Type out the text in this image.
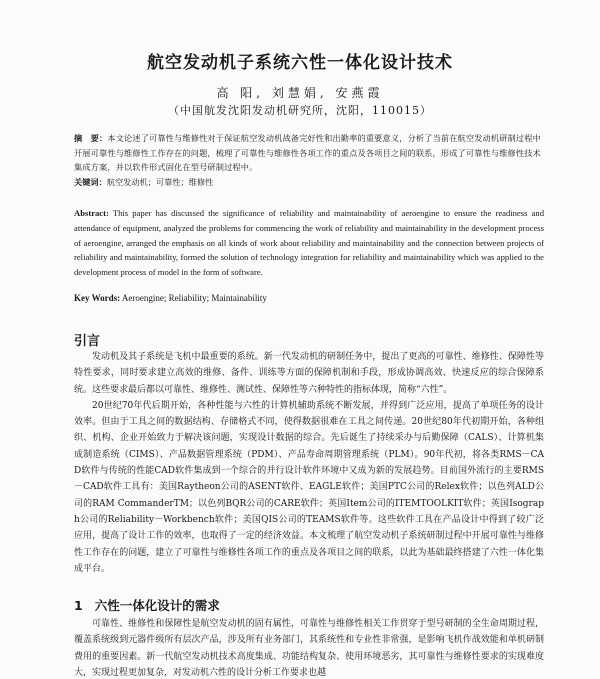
航空发动机子系统六性一体化设计技术
高 阳, 刘慧娟, 安燕霞
（中国航发沈阳发动机研究所，沈阳，110015）
摘　要：本文论述了可靠性与维修性对于保证航空发动机战备完好性和出勤率的重要意义，分析了当前在航空发动机研制过程中开展可靠性与维修性工作存在的问题，梳理了可靠性与维修性各项工作的重点及各项目之间的联系，形成了可靠性与维修性技术集成方案，并以软件形式固化在型号研制过程中。
关键词：航空发动机；可靠性；维修性
Abstract: This paper has discussed the significance of reliability and maintainability of aeroengine to ensure the readiness and attendance of equipment, analyzed the problems for commencing the work of reliability and maintainability in the development process of aeroengine, arranged the emphasis on all kinds of work about reliability and maintainability and the connection between projects of reliability and maintainability, formed the solution of technology integration for reliability and maintainability which was applied to the development process of model in the form of software.
Key Words: Aeroengine; Reliability; Maintainability
引言

发动机及其子系统是飞机中最重要的系统。新一代发动机的研制任务中，提出了更高的可靠性、维修性、保障性等特性要求，同时要求建立高效的维修、备件、训练等方面的保障机制和手段，形成协调高效、快速反应的综合保障系统。这些要求最后都以可靠性、维修性、测试性、保障性等六种特性的指标体现，简称“六性”。

20世纪70年代后期开始，各种性能与六性的计算机辅助系统不断发展，并得到广泛应用，提高了单项任务的设计效率。但由于工具之间的数据结构、存储格式不同，使得数据很难在工具之间传递。20世纪80年代初期开始，各种组织、机构、企业开始致力于解决该问题，实现设计数据的综合。先后诞生了持续采办与后勤保障（CALS）、计算机集成制造系统（CIMS）、产品数据管理系统（PDM）、产品寿命周期管理系统（PLM）。90年代初，将各类RMS－CAD软件与传统的性能CAD软件集成到一个综合的并行设计软件环境中又成为新的发展趋势。目前国外流行的主要RMS－CAD软件工具有：美国Raytheon公司的ASENT软件、EAGLE软件；美国PTC公司的Relex软件；以色列ALD公司的RAM CommanderTM；以色列BQR公司的CARE软件；英国Item公司的ITEMTOOLKIT软件；英国Isograph公司的Reliability－Workbench软件；美国QIS公司的TEAMS软件等。这些软件工具在产品设计中得到了较广泛应用，提高了设计工作的效率，也取得了一定的经济效益。本文梳理了航空发动机子系统研制过程中开展可靠性与维修性工作存在的问题，建立了可靠性与维修性各项工作的重点及各项目之间的联系，以此为基础最终搭建了六性一体化集成平台。

1 六性一体化设计的需求

可靠性、维修性和保障性是航空发动机的固有属性，可靠性与维修性相关工作贯穿于型号研制的全生命周期过程，覆盖系统级到元器件级所有层次产品，涉及所有业务部门，其系统性和专业性非常强，是影响飞机作战效能和单机研制费用的重要因素。新一代航空发动机技术高度集成、功能结构复杂、使用环境恶劣，其可靠性与维修性要求的实现难度大，实现过程更加复杂，对发动机六性的设计分析工作要求也越
